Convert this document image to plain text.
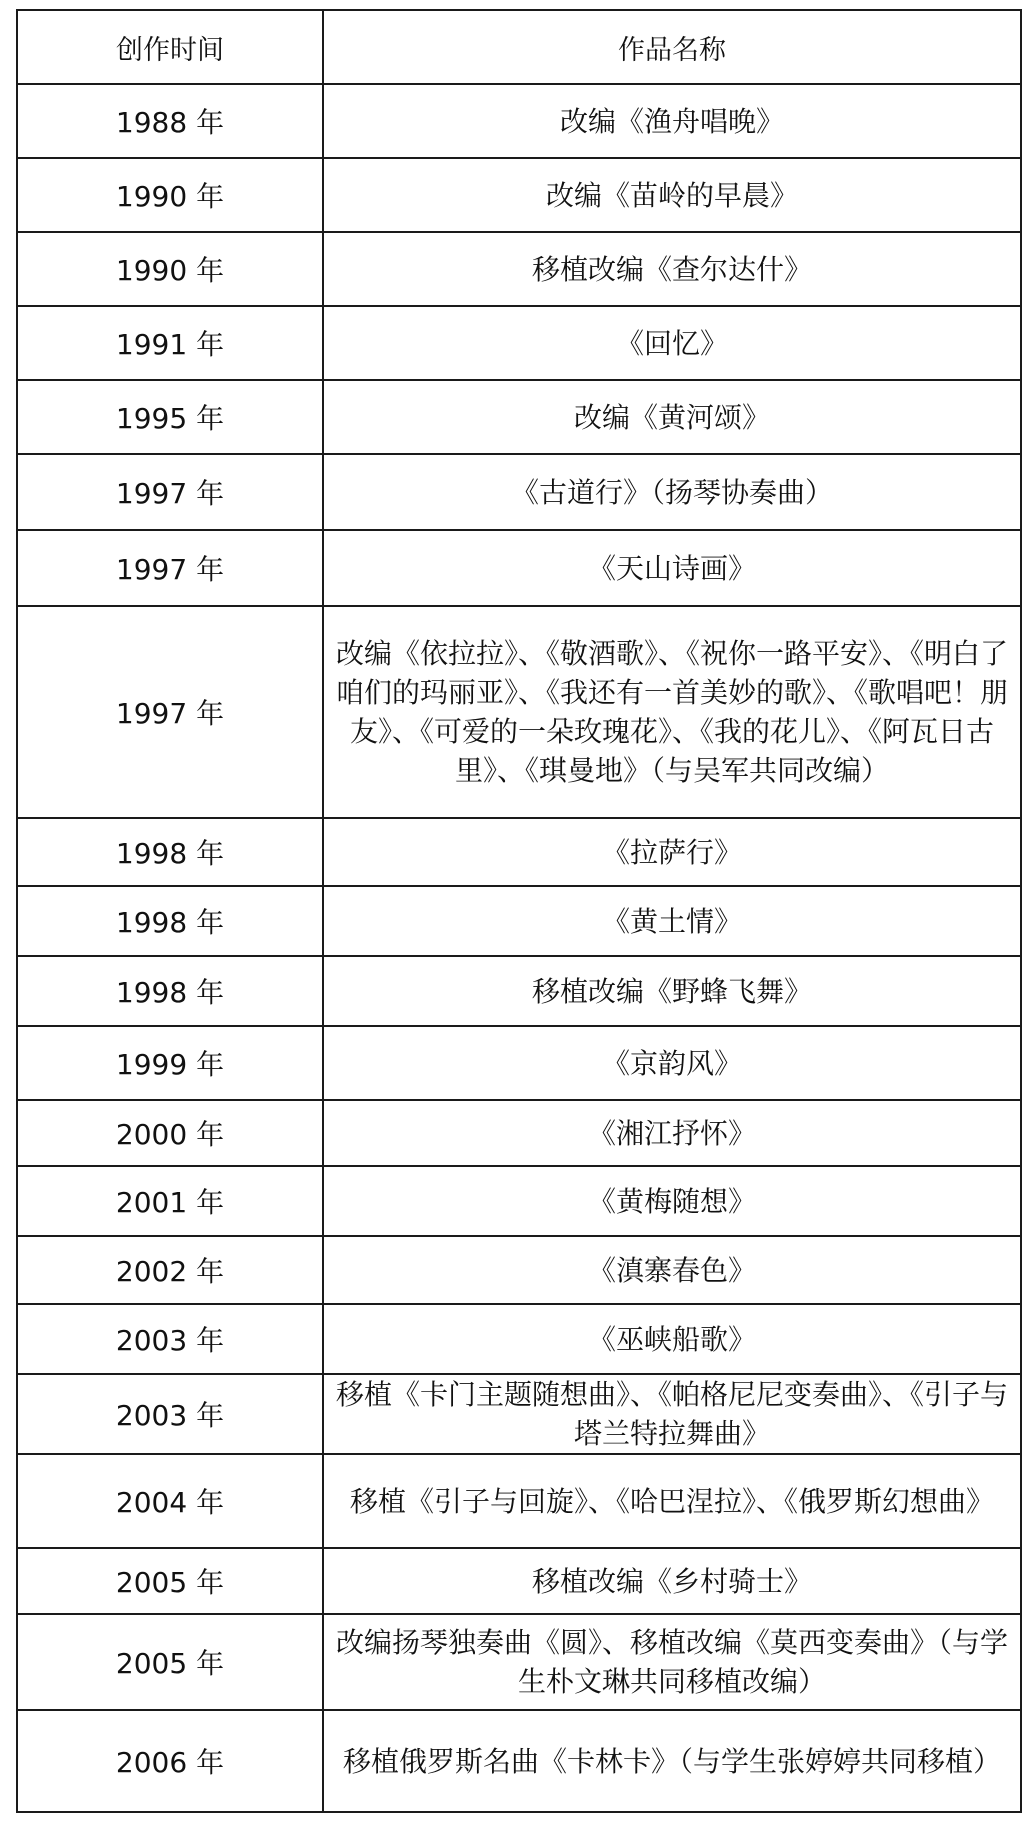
创作时间	作品名称
1988 年	改编《渔舟唱晚》
1990 年	改编《苗岭的早晨》
1990 年	移植改编《查尔达什》
1991 年	《回忆》
1995 年	改编《黄河颂》
1997 年	《古道行》（扬琴协奏曲）
1997 年	《天山诗画》
1997 年	改编《依拉拉》、《敬酒歌》、《祝你一路平安》、《明白了咱们的玛丽亚》、《我还有一首美妙的歌》、《歌唱吧！朋友》、《可爱的一朵玫瑰花》、《我的花儿》、《阿瓦日古里》、《琪曼地》（与吴军共同改编）
1998 年	《拉萨行》
1998 年	《黄土情》
1998 年	移植改编《野蜂飞舞》
1999 年	《京韵风》
2000 年	《湘江抒怀》
2001 年	《黄梅随想》
2002 年	《滇寨春色》
2003 年	《巫峡船歌》
2003 年	移植《卡门主题随想曲》、《帕格尼尼变奏曲》、《引子与塔兰特拉舞曲》
2004 年	移植《引子与回旋》、《哈巴涅拉》、《俄罗斯幻想曲》
2005 年	移植改编《乡村骑士》
2005 年	改编扬琴独奏曲《圆》、移植改编《莫西变奏曲》（与学生朴文琳共同移植改编）
2006 年	移植俄罗斯名曲《卡林卡》（与学生张婷婷共同移植）
